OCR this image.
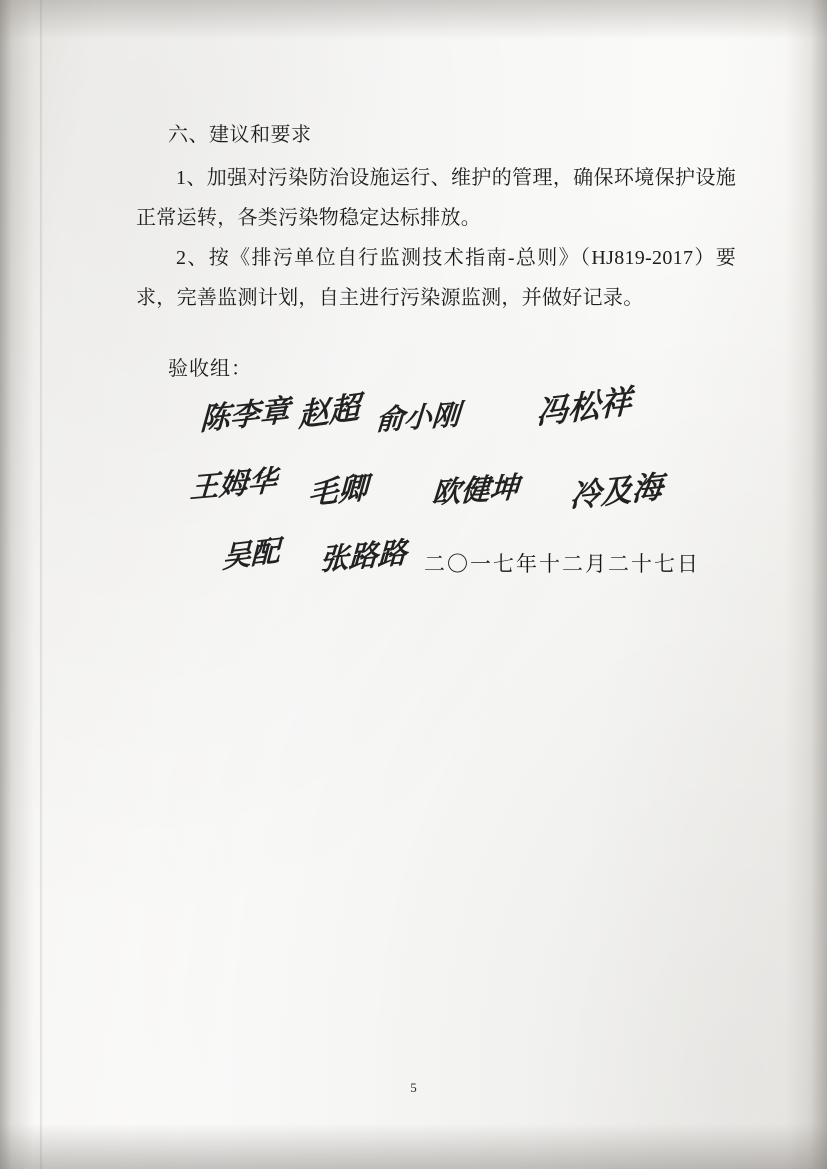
六、建议和要求
1、加强对污染防治设施运行、维护的管理，确保环境保护设施正常运转，各类污染物稳定达标排放。
2、按《排污单位自行监测技术指南-总则》（HJ819-2017）要求，完善监测计划，自主进行污染源监测，并做好记录。
验收组：
陈李章 赵超 俞小刚 冯松祥
王姆华 毛卿 欧健坤 冷及海
吴配 张路路 二〇一七年十二月二十七日
5
